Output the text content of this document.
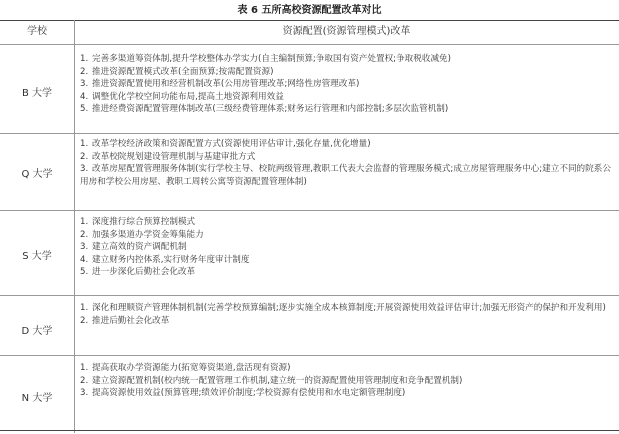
表 6 五所高校资源配置改革对比
学校	资源配置(资源管理模式)改革
B 大学
1. 完善多渠道筹资体制,提升学校整体办学实力(自主编制预算;争取国有资产处置权;争取税收减免)
2. 推进资源配置模式改革(全面预算;按需配置资源)
3. 推进资源配置使用和经营机制改革(公用房管理改革;网络性房管理改革)
4. 调整优化学校空间功能布局,提高土地资源利用效益
5. 推进经费资源配置管理体制改革(三级经费管理体系;财务运行管理和内部控制;多层次监管机制)
Q 大学
1. 改革学校经济政策和资源配置方式(资源使用评估审计,强化存量,优化增量)
2. 改革校院规划建设管理机制与基建审批方式
3. 改革房屋配置管理服务体制(实行学校主导、校院两级管理,教职工代表大会监督的管理服务模式;成立房屋管理服务中心;建立不同的院系公用房和学校公用房屋、教职工周转公寓等资源配置管理体制)
S 大学
1. 深度推行综合预算控制模式
2. 加强多渠道办学资金筹集能力
3. 建立高效的资产调配机制
4. 建立财务内控体系,实行财务年度审计制度
5. 进一步深化后勤社会化改革
D 大学
1. 深化和理顺资产管理体制机制(完善学校预算编制;逐步实施全成本核算制度;开展资源使用效益评估审计;加强无形资产的保护和开发利用)
2. 推进后勤社会化改革
N 大学
1. 提高获取办学资源能力(拓宽筹资渠道,盘活现有资源)
2. 建立资源配置机制(校内统一配置管理工作机制,建立统一的资源配置使用管理制度和竞争配置机制)
3. 提高资源使用效益(预算管理;绩效评价制度;学校资源有偿使用和水电定额管理制度)
